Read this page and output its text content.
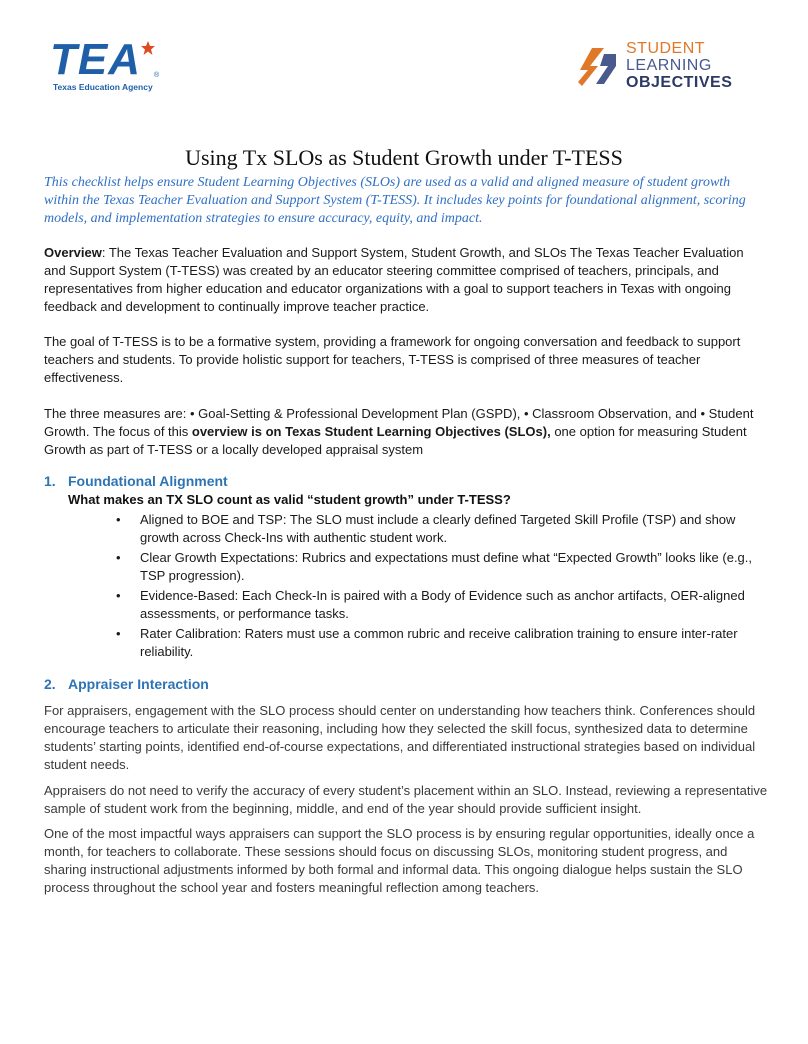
TEA ®
Texas Education Agency
STUDENT
LEARNING
OBJECTIVES
Using Tx SLOs as Student Growth under T-TESS
This checklist helps ensure Student Learning Objectives (SLOs) are used as a valid and aligned measure of student growth within the Texas Teacher Evaluation and Support System (T-TESS). It includes key points for foundational alignment, scoring models, and implementation strategies to ensure accuracy, equity, and impact.
Overview: The Texas Teacher Evaluation and Support System, Student Growth, and SLOs The Texas Teacher Evaluation and Support System (T-TESS) was created by an educator steering committee comprised of teachers, principals, and representatives from higher education and educator organizations with a goal to support teachers in Texas with ongoing feedback and development to continually improve teacher practice.
The goal of T-TESS is to be a formative system, providing a framework for ongoing conversation and feedback to support teachers and students. To provide holistic support for teachers, T-TESS is comprised of three measures of teacher effectiveness.
The three measures are: • Goal-Setting & Professional Development Plan (GSPD), • Classroom Observation, and • Student Growth. The focus of this overview is on Texas Student Learning Objectives (SLOs), one option for measuring Student Growth as part of T-TESS or a locally developed appraisal system
1. Foundational Alignment
What makes an TX SLO count as valid “student growth” under T-TESS?
• Aligned to BOE and TSP: The SLO must include a clearly defined Targeted Skill Profile (TSP) and show growth across Check-Ins with authentic student work.
• Clear Growth Expectations: Rubrics and expectations must define what “Expected Growth” looks like (e.g., TSP progression).
• Evidence-Based: Each Check-In is paired with a Body of Evidence such as anchor artifacts, OER-aligned assessments, or performance tasks.
• Rater Calibration: Raters must use a common rubric and receive calibration training to ensure inter-rater reliability.
2. Appraiser Interaction
For appraisers, engagement with the SLO process should center on understanding how teachers think. Conferences should encourage teachers to articulate their reasoning, including how they selected the skill focus, synthesized data to determine students’ starting points, identified end-of-course expectations, and differentiated instructional strategies based on individual student needs.
Appraisers do not need to verify the accuracy of every student’s placement within an SLO. Instead, reviewing a representative sample of student work from the beginning, middle, and end of the year should provide sufficient insight.
One of the most impactful ways appraisers can support the SLO process is by ensuring regular opportunities, ideally once a month, for teachers to collaborate. These sessions should focus on discussing SLOs, monitoring student progress, and sharing instructional adjustments informed by both formal and informal data. This ongoing dialogue helps sustain the SLO process throughout the school year and fosters meaningful reflection among teachers.
